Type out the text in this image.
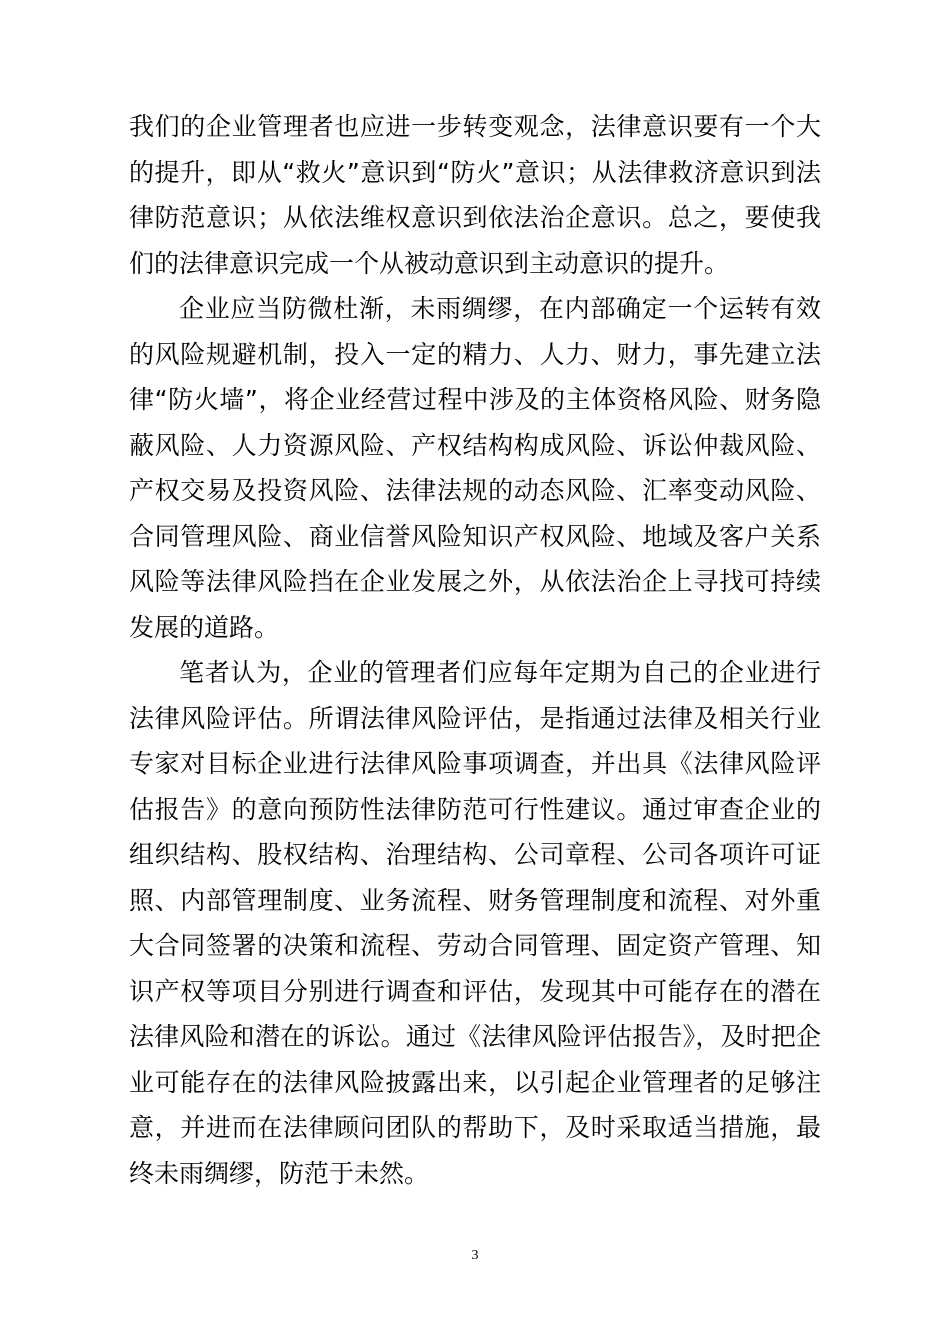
我们的企业管理者也应进一步转变观念，法律意识要有一个大的提升，即从“救火”意识到“防火”意识；从法律救济意识到法律防范意识；从依法维权意识到依法治企意识。总之，要使我们的法律意识完成一个从被动意识到主动意识的提升。

企业应当防微杜渐，未雨绸缪，在内部确定一个运转有效的风险规避机制，投入一定的精力、人力、财力，事先建立法律“防火墙”，将企业经营过程中涉及的主体资格风险、财务隐蔽风险、人力资源风险、产权结构构成风险、诉讼仲裁风险、产权交易及投资风险、法律法规的动态风险、汇率变动风险、合同管理风险、商业信誉风险知识产权风险、地域及客户关系风险等法律风险挡在企业发展之外，从依法治企上寻找可持续发展的道路。

笔者认为，企业的管理者们应每年定期为自己的企业进行法律风险评估。所谓法律风险评估，是指通过法律及相关行业专家对目标企业进行法律风险事项调查，并出具《法律风险评估报告》的意向预防性法律防范可行性建议。通过审查企业的组织结构、股权结构、治理结构、公司章程、公司各项许可证照、内部管理制度、业务流程、财务管理制度和流程、对外重大合同签署的决策和流程、劳动合同管理、固定资产管理、知识产权等项目分别进行调查和评估，发现其中可能存在的潜在法律风险和潜在的诉讼。通过《法律风险评估报告》，及时把企业可能存在的法律风险披露出来，以引起企业管理者的足够注意，并进而在法律顾问团队的帮助下，及时采取适当措施，最终未雨绸缪，防范于未然。

3
